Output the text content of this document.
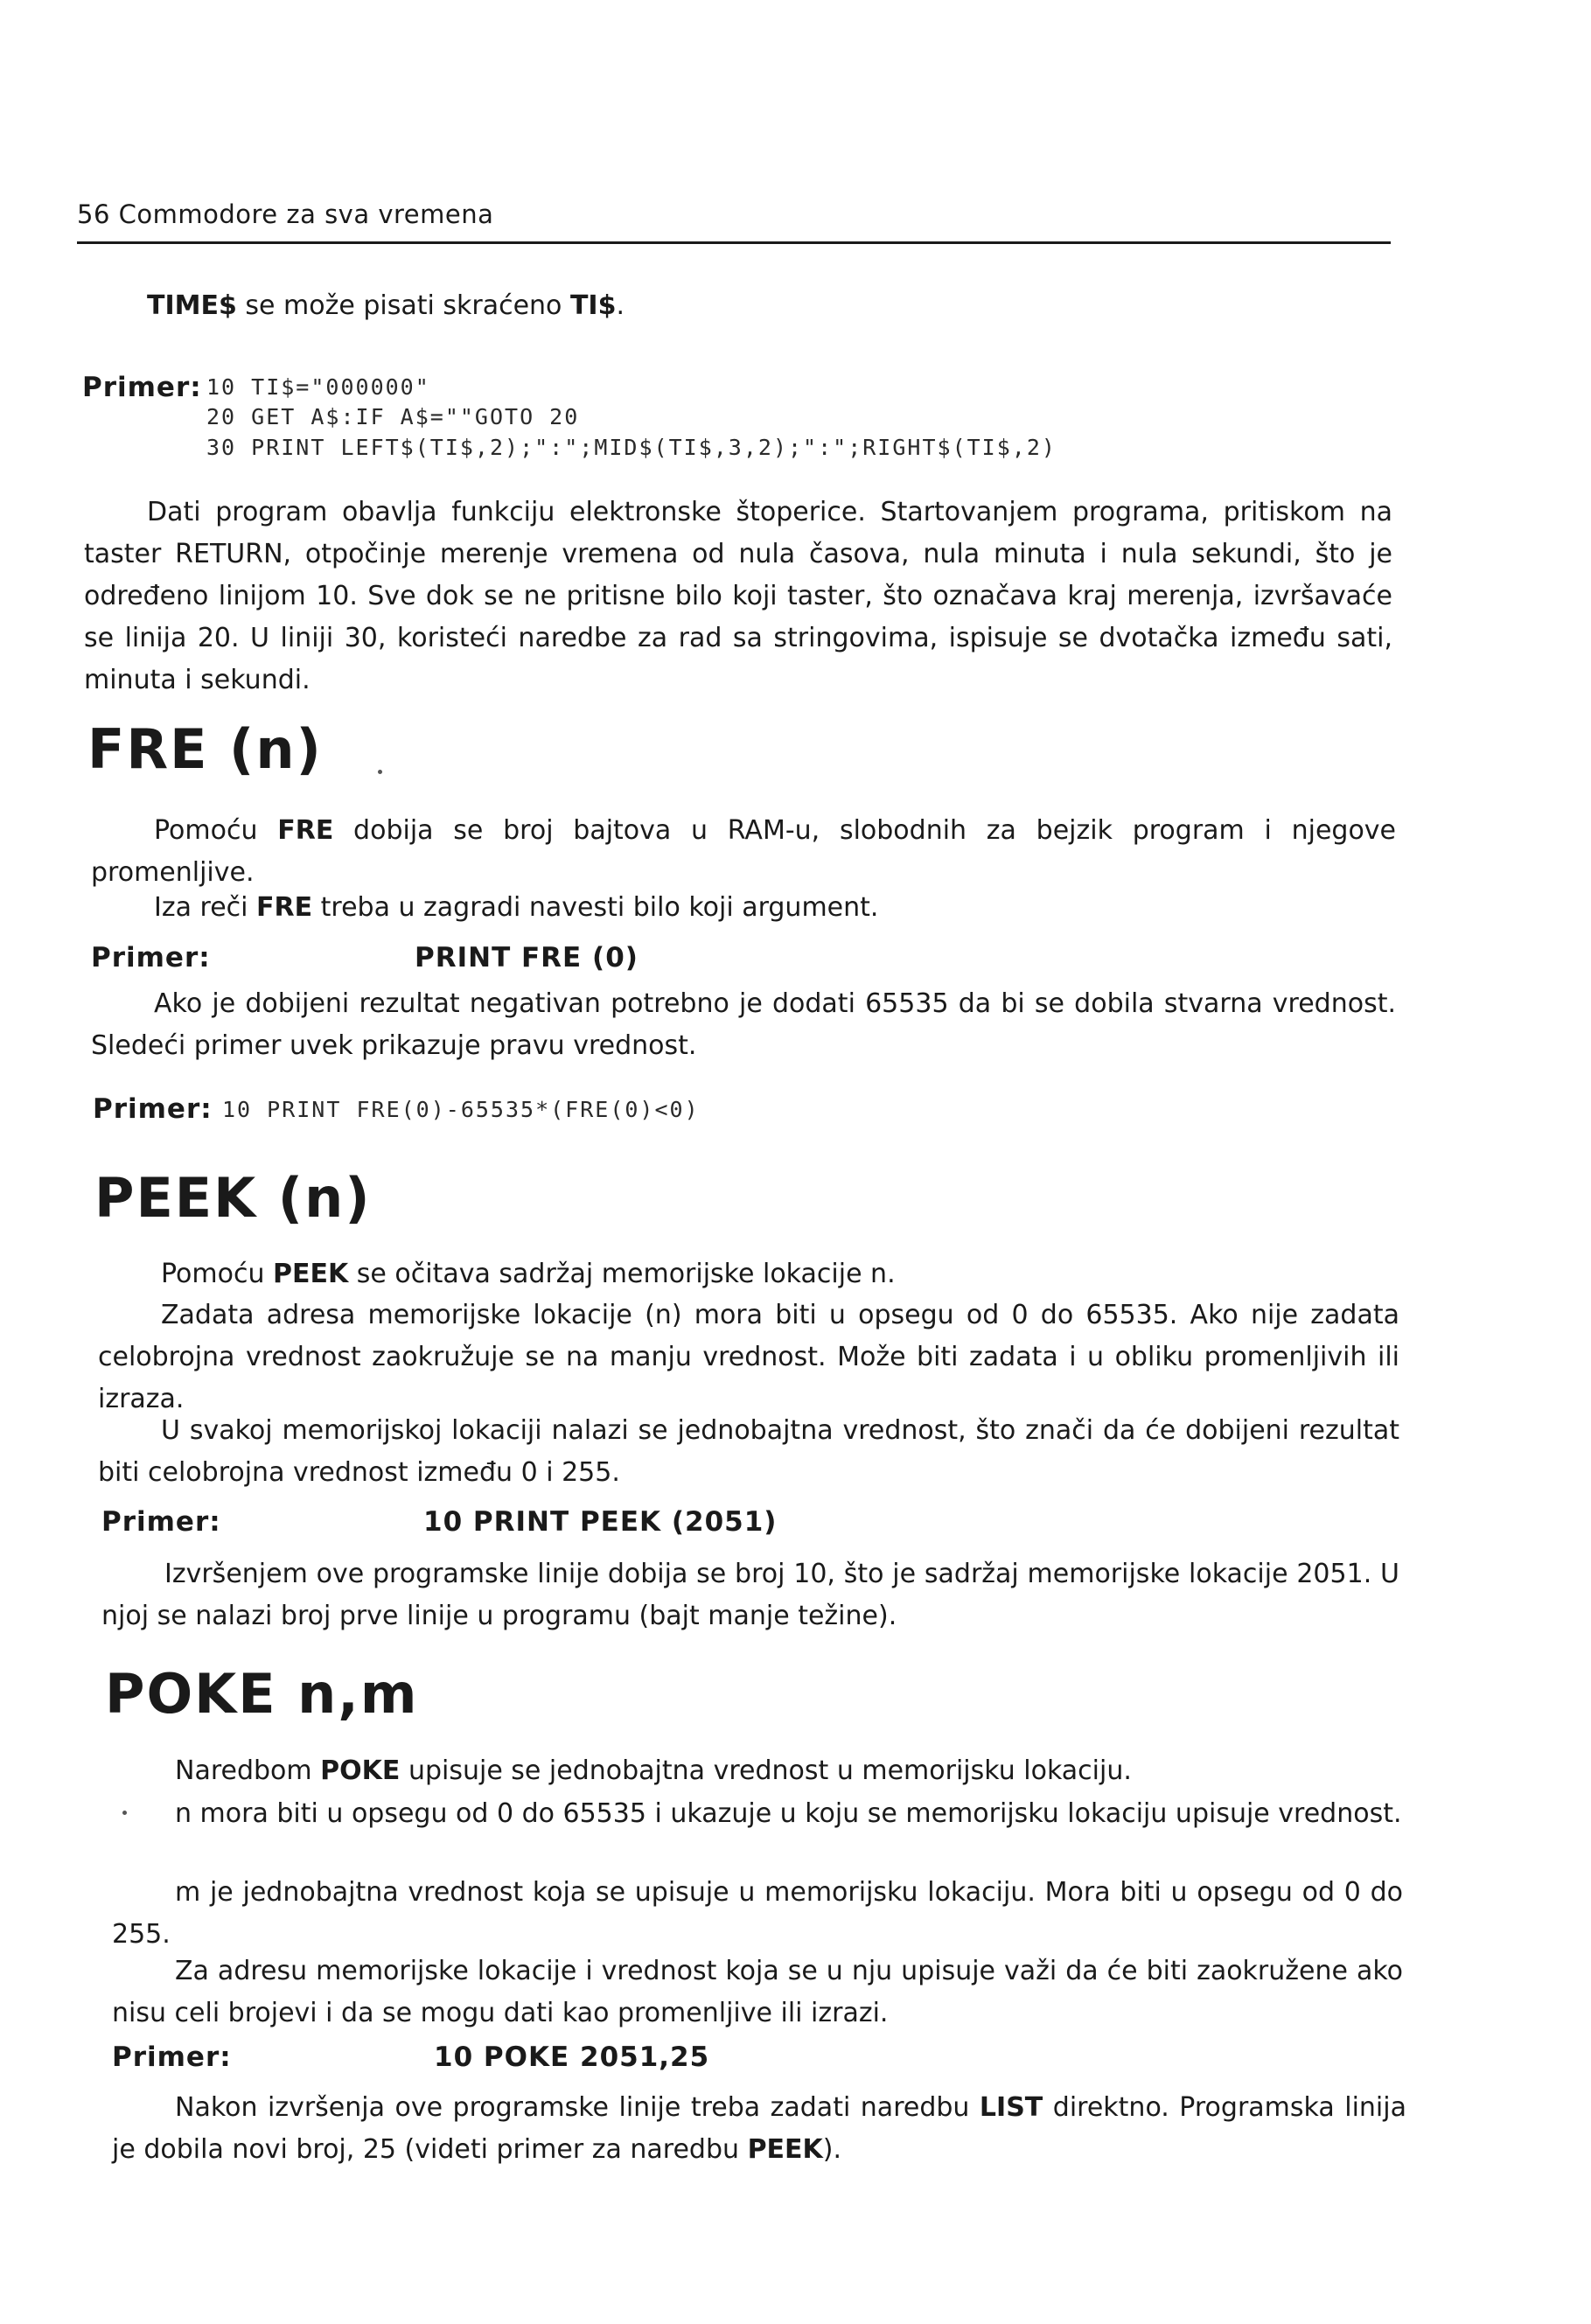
56 Commodore za sva vremena
TIME$ se može pisati skraćeno TI$.
Primer: 10 TI$="000000"
20 GET A$:IF A$=""GOTO 20
30 PRINT LEFT$(TI$,2);":";MID$(TI$,3,2);":";RIGHT$(TI$,2)
Dati program obavlja funkciju elektronske štoperice. Startovanjem programa, pritiskom na taster RETURN, otpočinje merenje vremena od nula časova, nula minuta i nula sekundi, što je određeno linijom 10. Sve dok se ne pritisne bilo koji taster, što označava kraj merenja, izvršavaće se linija 20. U liniji 30, koristeći naredbe za rad sa stringovima, ispisuje se dvotačka između sati, minuta i sekundi.
FRE (n)
Pomoću FRE dobija se broj bajtova u RAM-u, slobodnih za bejzik program i njegove promenljive.
Iza reči FRE treba u zagradi navesti bilo koji argument.
Primer:	PRINT FRE (0)
Ako je dobijeni rezultat negativan potrebno je dodati 65535 da bi se dobila stvarna vrednost. Sledeći primer uvek prikazuje pravu vrednost.
Primer: 10 PRINT FRE(0)-65535*(FRE(0)<0)
PEEK (n)
Pomoću PEEK se očitava sadržaj memorijske lokacije n.
Zadata adresa memorijske lokacije (n) mora biti u opsegu od 0 do 65535. Ako nije zadata celobrojna vrednost zaokružuje se na manju vrednost. Može biti zadata i u obliku promenljivih ili izraza.
U svakoj memorijskoj lokaciji nalazi se jednobajtna vrednost, što znači da će dobijeni rezultat biti celobrojna vrednost između 0 i 255.
Primer:	10 PRINT PEEK (2051)
Izvršenjem ove programske linije dobija se broj 10, što je sadržaj memorijske lokacije 2051. U njoj se nalazi broj prve linije u programu (bajt manje težine).
POKE n,m
Naredbom POKE upisuje se jednobajtna vrednost u memorijsku lokaciju.
n mora biti u opsegu od 0 do 65535 i ukazuje u koju se memorijsku lokaciju upisuje vrednost.
m je jednobajtna vrednost koja se upisuje u memorijsku lokaciju. Mora biti u opsegu od 0 do 255.
Za adresu memorijske lokacije i vrednost koja se u nju upisuje važi da će biti zaokružene ako nisu celi brojevi i da se mogu dati kao promenljive ili izrazi.
Primer:	10 POKE 2051,25
Nakon izvršenja ove programske linije treba zadati naredbu LIST direktno. Programska linija je dobila novi broj, 25 (videti primer za naredbu PEEK).
